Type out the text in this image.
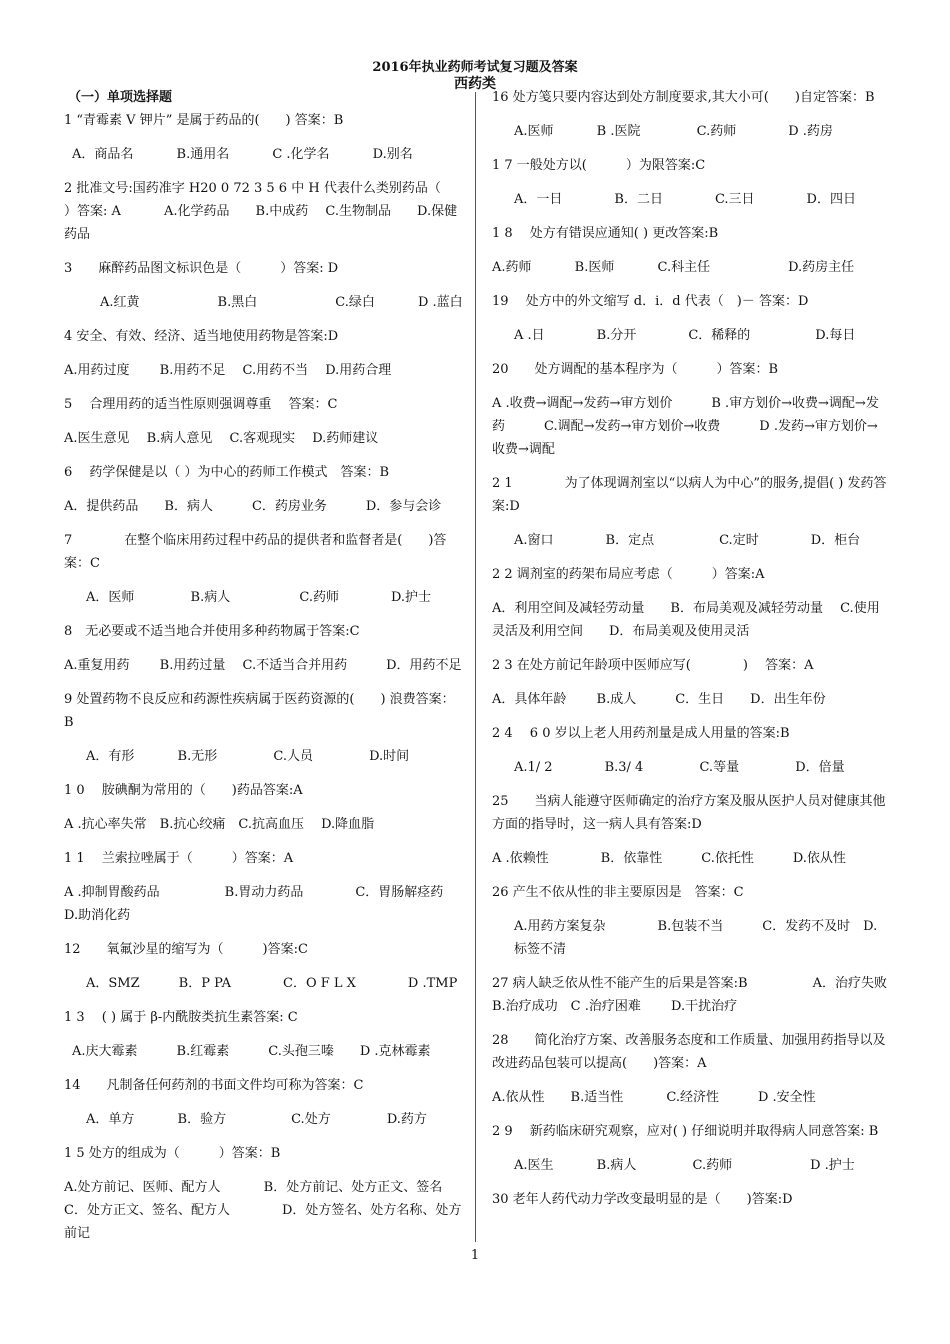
2016年执业药师考试复习题及答案
西药类

（一）单项选择题

1 “青霉素 V 钾片” 是属于药品的(　　) 答案：B

A．商品名　　　 B.通用名　　　 C .化学名　　　 D.别名

2 批准文号:国药准字 H20 0 72 3 5 6 中 H 代表什么类别药品（　　）答案: A　　　 A.化学药品　　B.中成药　 C.生物制品　　D.保健药品

3　　麻醉药品图文标识色是（　　　）答案: D

A.红黄　　　　　　B.黑白　　　　　　C.绿白　　　 D .蓝白

4 安全、有效、经济、适当地使用药物是答案:D

A.用药过度　　 B.用药不足　 C.用药不当　 D.用药合理

5　 合理用药的适当性原则强调尊重　 答案：C

A.医生意见　 B.病人意见　 C.客观现实　 D.药师建议

6　 药学保健是以（ ）为中心的药师工作模式　答案：B

A．提供药品　　B．病人　　　C．药房业务　　　D．参与会诊

7　　　　在整个临床用药过程中药品的提供者和监督者是(　　)答案：C

A．医师　　　　 B.病人　　　　　 C.药师　　　　D.护士

8　无必要或不适当地合并使用多种药物属于答案:C

A.重复用药　　 B.用药过量　 C.不适当合并用药　　　D．用药不足

9 处置药物不良反应和药源性疾病属于医药资源的(　　) 浪费答案：B

A．有形　　　 B.无形　　　　 C.人员　　　　 D.时间

1 0　 胺碘酮为常用的（　　)药品答案:A

A .抗心率失常　B.抗心绞痛　C.抗高血压　 D.降血脂

1 1　 兰索拉唑属于（　　　）答案：A

A .抑制胃酸药品　　　　　B.胃动力药品　　　　C．胃肠解痉药　D.助消化药

12　　氧氟沙星的缩写为（　　　)答案:C

A．SMZ　　　B．P PA　　　　C．O F L X　　　　D .TMP

1 3　 ( ) 属于 β-内酰胺类抗生素答案: C

A.庆大霉素　　　B.红霉素　　　C.头孢三嗪　　D .克林霉素

14　　凡制备任何药剂的书面文件均可称为答案：C

A．单方　　　 B．验方　　　　　C.处方　　　　 D.药方

1 5 处方的组成为（　　　）答案：B

A.处方前记、医师、配方人　　　 B．处方前记、处方正文、签名　C．处方正文、签名、配方人　　　　D．处方签名、处方名称、处方前记

16 处方笺只要内容达到处方制度要求,其大小可(　　)自定答案：B

A.医师　　　 B .医院　　　　 C.药师　　　　D .药房

1 7 一般处方以(　　　）为限答案:C

A．一日　　　　B．二日　　　　C.三日　　　　D．四日

1 8　 处方有错误应通知( ) 更改答案:B

A.药师　　　 B.医师　　　 C.科主任　　　　　　D.药房主任

19　 处方中的外文缩写 d．i．d 代表（　)－ 答案：D

A .日　　　　B.分开　　　　C．稀释的　　　　　D.每日

20　　处方调配的基本程序为（　　　）答案：B

A .收费→调配→发药→审方划价　　　B .审方划价→收费→调配→发药　　　C.调配→发药→审方划价→收费　　　D .发药→审方划价→收费→调配

2 1　　　　为了体现调剂室以“以病人为中心”的服务,提倡( ) 发药答案:D

A.窗口　　　　B．定点　　　　　C.定时　　　　D．柜台

2 2 调剂室的药架布局应考虑（　　　）答案:A

A．利用空间及减轻劳动量　　B．布局美观及减轻劳动量　 C.使用灵活及利用空间　　D．布局美观及使用灵活

2 3 在处方前记年龄项中医师应写(　　　　)　 答案：A

A．具体年龄　　 B.成人　　　C．生日　　D．出生年份

2 4　 6 0 岁以上老人用药剂量是成人用量的答案:B

A.1/ 2　　　　B.3/ 4　　　　 C.等量　　　　 D．倍量

25　　当病人能遵守医师确定的治疗方案及服从医护人员对健康其他方面的指导时，这一病人具有答案:D

A .依赖性　　　　B．依靠性　　　C.依托性　　　D.依从性

26 产生不依从性的非主要原因是　答案：C

A.用药方案复杂　　　　B.包装不当　　　C．发药不及时　D.标签不清

27 病人缺乏依从性不能产生的后果是答案:B　　　　　A．治疗失败　B.治疗成功　C .治疗困难　　 D.干扰治疗

28　　简化治疗方案、改善服务态度和工作质量、加强用药指导以及改进药品包装可以提高(　　)答案：A

A.依从性　　B.适当性　　　 C.经济性　　　D .安全性

2 9　 新药临床研究观察，应对( ) 仔细说明并取得病人同意答案: B

A.医生　　　 B.病人　　　　 C.药师　　　　　　D .护士

30 老年人药代动力学改变最明显的是（　　)答案:D

1
